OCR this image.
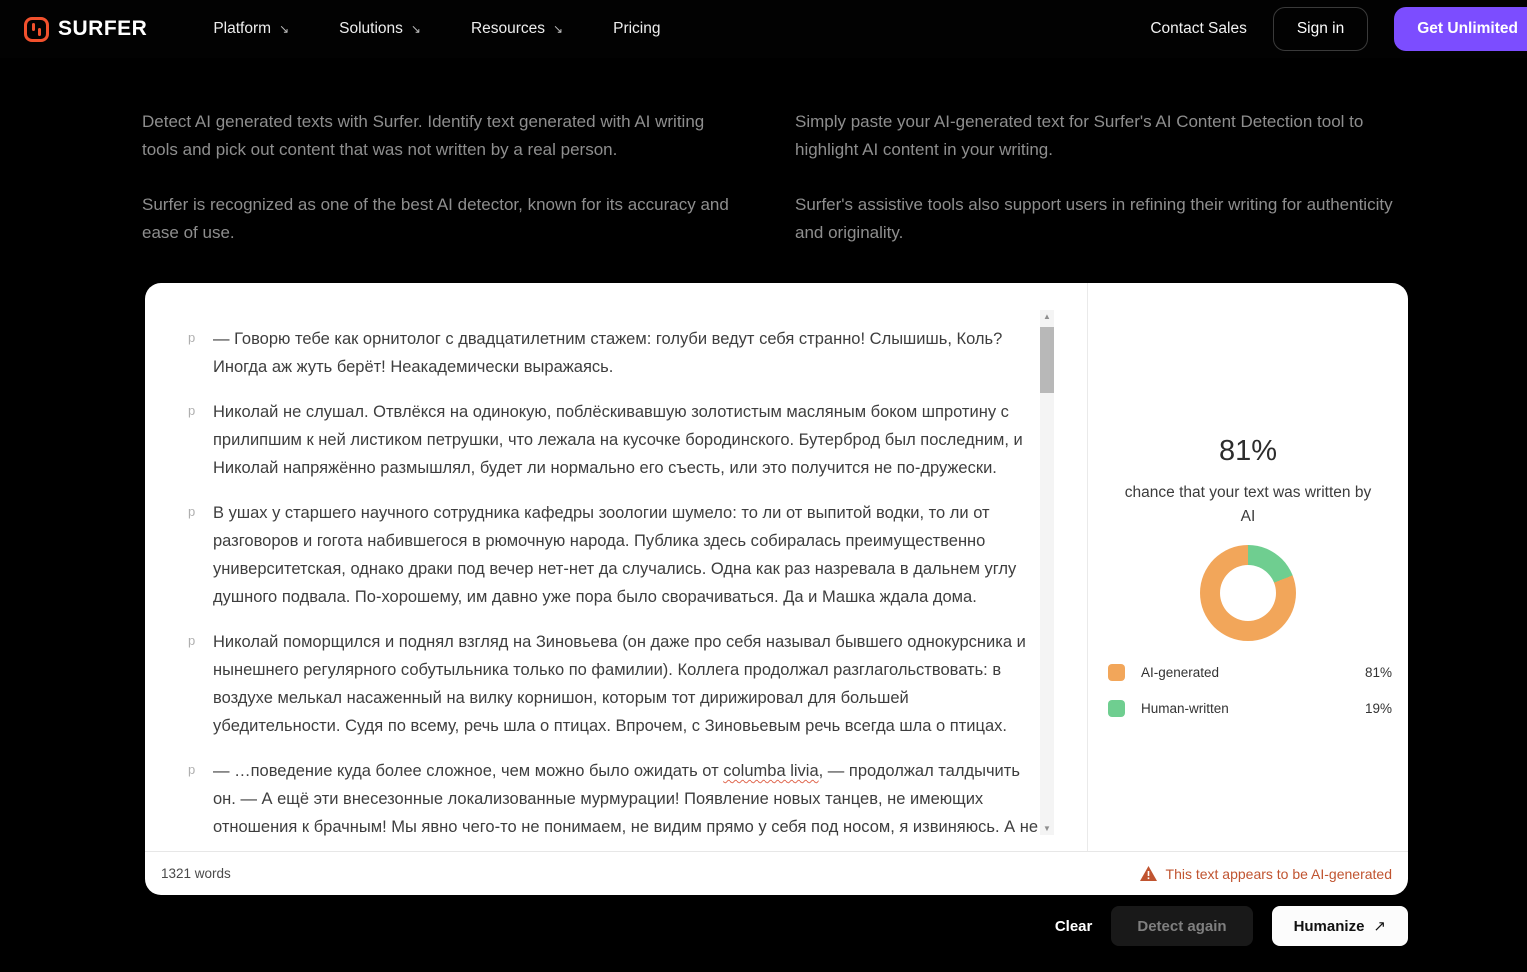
SURFER	Platform ↘	Solutions ↘	Resources ↘	Pricing	Contact Sales	Sign in	Get Unlimited

Detect AI generated texts with Surfer. Identify text generated with AI writing tools and pick out content that was not written by a real person.

Surfer is recognized as one of the best AI detector, known for its accuracy and ease of use.

Simply paste your AI-generated text for Surfer's AI Content Detection tool to highlight AI content in your writing.

Surfer's assistive tools also support users in refining their writing for authenticity and originality.

p	— Говорю тебе как орнитолог с двадцатилетним стажем: голуби ведут себя странно! Слышишь, Коль? Иногда аж жуть берёт! Неакадемически выражаясь.
p	Николай не слушал. Отвлёкся на одинокую, поблёскивавшую золотистым масляным боком шпротину с прилипшим к ней листиком петрушки, что лежала на кусочке бородинского. Бутерброд был последним, и Николай напряжённо размышлял, будет ли нормально его съесть, или это получится не по-дружески.
p	В ушах у старшего научного сотрудника кафедры зоологии шумело: то ли от выпитой водки, то ли от разговоров и гогота набившегося в рюмочную народа. Публика здесь собиралась преимущественно университетская, однако драки под вечер нет-нет да случались. Одна как раз назревала в дальнем углу душного подвала. По-хорошему, им давно уже пора было сворачиваться. Да и Машка ждала дома.
p	Николай поморщился и поднял взгляд на Зиновьева (он даже про себя называл бывшего однокурсника и нынешнего регулярного собутыльника только по фамилии). Коллега продолжал разглагольствовать: в воздухе мелькал насаженный на вилку корнишон, которым тот дирижировал для большей убедительности. Судя по всему, речь шла о птицах. Впрочем, с Зиновьевым речь всегда шла о птицах.
p	— …поведение куда более сложное, чем можно было ожидать от columba livia, — продолжал талдычить он. — А ещё эти внесезонные локализованные мурмурации! Появление новых танцев, не имеющих отношения к брачным! Мы явно чего-то не понимаем, не видим прямо у себя под носом, я извиняюсь. А не
▲
▼
81%
chance that your text was written by AI
AI-generated	81%
Human-written	19%
1321 words	This text appears to be AI-generated
Clear	Detect again	Humanize ↗
